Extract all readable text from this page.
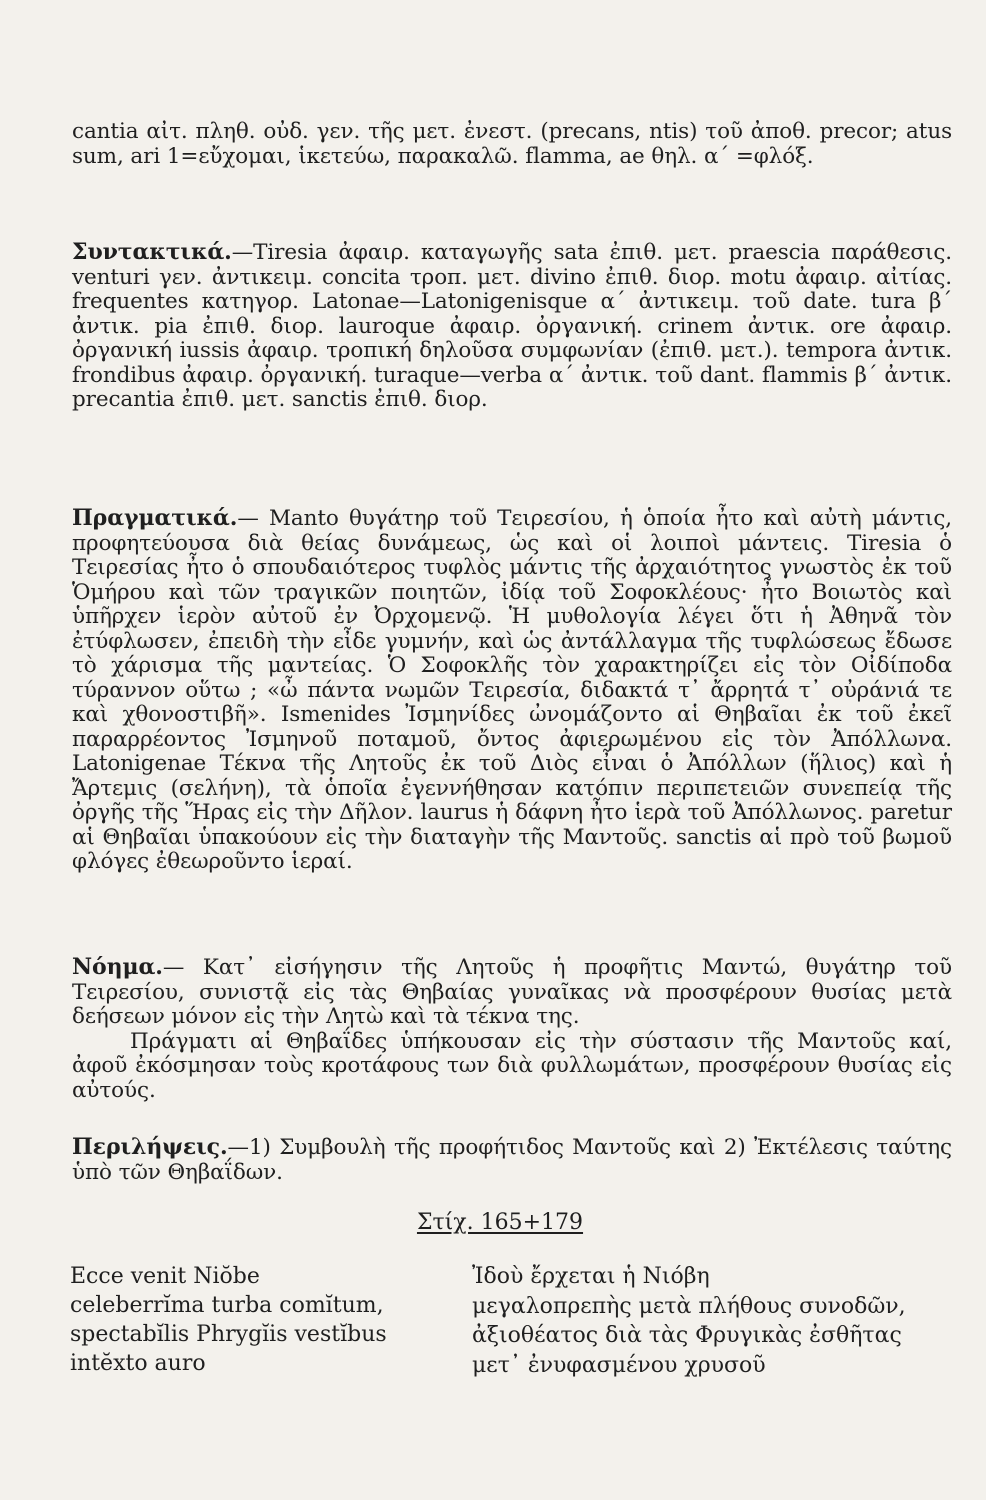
cantia αἰτ. πληθ. οὐδ. γεν. τῆς μετ. ἐνεστ. (precans, ntis) τοῦ ἀποθ. precor; atus sum, ari 1=εὔχομαι, ἱκετεύω, παρακαλῶ. flamma, ae θηλ. α΄ =φλόξ.

Συντακτικά.—Tiresia ἀφαιρ. καταγωγῆς sata ἐπιθ. μετ. praescia παράθεσις. venturi γεν. ἀντικειμ. concita τροπ. μετ. divino ἐπιθ. διορ. motu ἀφαιρ. αἰτίας. frequentes κατηγορ. Latonae—Latonigenisque α΄ ἀντικειμ. τοῦ date. tura β΄ ἀντικ. pia ἐπιθ. διορ. lauroque ἀφαιρ. ὀργανική. crinem ἀντικ. ore ἀφαιρ. ὀργανική iussis ἀφαιρ. τροπική δηλοῦσα συμφωνίαν (ἐπιθ. μετ.). tempora ἀντικ. frondibus ἀφαιρ. ὀργανική. turaque—verba α΄ ἀντικ. τοῦ dant. flammis β΄ ἀντικ. precantia ἐπιθ. μετ. sanctis ἐπιθ. διορ.

Πραγματικά.— Manto θυγάτηρ τοῦ Τειρεσίου, ἡ ὁποία ἦτο καὶ αὐτὴ μάντις, προφητεύουσα διὰ θείας δυνάμεως, ὡς καὶ οἱ λοιποὶ μάντεις. Tiresia ὁ Τειρεσίας ἦτο ὁ σπουδαιότερος τυφλὸς μάντις τῆς ἀρχαιότητος γνωστὸς ἐκ τοῦ Ὁμήρου καὶ τῶν τραγικῶν ποιητῶν, ἰδίᾳ τοῦ Σοφοκλέους· ἦτο Βοιωτὸς καὶ ὑπῆρχεν ἱερὸν αὐτοῦ ἐν Ὀρχομενῷ. Ἡ μυθολογία λέγει ὅτι ἡ Ἀθηνᾶ τὸν ἐτύφλωσεν, ἐπειδὴ τὴν εἶδε γυμνήν, καὶ ὡς ἀντάλλαγμα τῆς τυφλώσεως ἔδωσε τὸ χάρισμα τῆς μαντείας. Ὁ Σοφοκλῆς τὸν χαρακτηρίζει εἰς τὸν Οἰδίποδα τύραννον οὕτω ; «ὦ πάντα νωμῶν Τειρεσία, διδακτά τ᾽ ἄρρητά τ᾽ οὐράνιά τε καὶ χθονοστιβῆ». Ismenides Ἰσμηνίδες ὠνομάζοντο αἱ Θηβαῖαι ἐκ τοῦ ἐκεῖ παραρρέοντος Ἰσμηνοῦ ποταμοῦ, ὄντος ἀφιερωμένου εἰς τὸν Ἀπόλλωνα. Latonigenae Τέκνα τῆς Λητοῦς ἐκ τοῦ Διὸς εἶναι ὁ Ἀπόλλων (ἥλιος) καὶ ἡ Ἄρτεμις (σελήνη), τὰ ὁποῖα ἐγεννήθησαν κατόπιν περιπετειῶν συνεπείᾳ τῆς ὀργῆς τῆς Ἥρας εἰς τὴν Δῆλον. laurus ἡ δάφνη ἦτο ἱερὰ τοῦ Ἀπόλλωνος. paretur αἱ Θηβαῖαι ὑπακούουν εἰς τὴν διαταγὴν τῆς Μαντοῦς. sanctis αἱ πρὸ τοῦ βωμοῦ φλόγες ἐθεωροῦντο ἱεραί.

Νόημα.— Κατ᾽ εἰσήγησιν τῆς Λητοῦς ἡ προφῆτις Μαντώ, θυγάτηρ τοῦ Τειρεσίου, συνιστᾷ εἰς τὰς Θηβαίας γυναῖκας νὰ προσφέρουν θυσίας μετὰ δεήσεων μόνον εἰς τὴν Λητὼ καὶ τὰ τέκνα της.

Πράγματι αἱ Θηβαΐδες ὑπήκουσαν εἰς τὴν σύστασιν τῆς Μαντοῦς καί, ἀφοῦ ἐκόσμησαν τοὺς κροτάφους των διὰ φυλλωμάτων, προσφέρουν θυσίας εἰς αὐτούς.

Περιλήψεις.—1) Συμβουλὴ τῆς προφήτιδος Μαντοῦς καὶ 2) Ἐκτέλεσις ταύτης ὑπὸ τῶν Θηβαΐδων.

Στίχ. 165+179
Ecce venit Niŏbe
celeberrĭma turba comĭtum,
spectabĭlis Phrygĭis vestĭbus
intĕxto auro
Ἰδοὺ ἔρχεται ἡ Νιόβη
μεγαλοπρεπὴς μετὰ πλήθους συνοδῶν,
ἀξιοθέατος διὰ τὰς Φρυγικὰς ἐσθῆτας
μετ᾽ ἐνυφασμένου χρυσοῦ
